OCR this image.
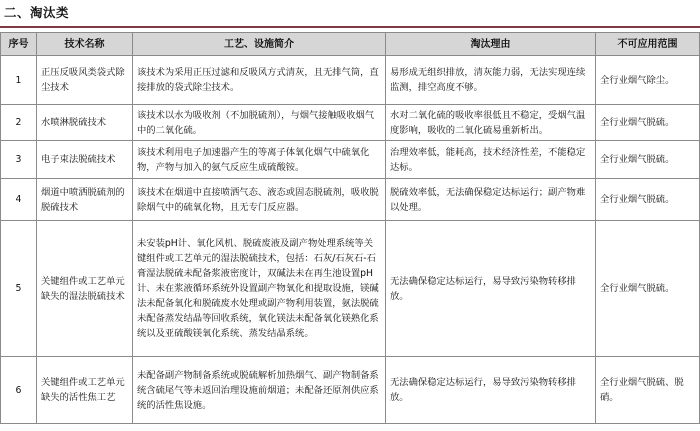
二、淘汰类
序号	技术名称	工艺、设施简介	淘汰理由	不可应用范围
1	正压反吸风类袋式除尘技术	该技术为采用正压过滤和反吸风方式清灰，且无排气筒，直接排放的袋式除尘技术。	易形成无组织排放，清灰能力弱，无法实现连续监测，排空高度不够。	全行业烟气除尘。
2	水喷淋脱硫技术	该技术以水为吸收剂（不加脱硫剂），与烟气接触吸收烟气中的二氧化硫。	水对二氧化硫的吸收率很低且不稳定，受烟气温度影响，吸收的二氧化硫易重新析出。	全行业烟气脱硫。
3	电子束法脱硫技术	该技术利用电子加速器产生的等离子体氧化烟气中硫氧化物，产物与加入的氨气反应生成硫酸铵。	治理效率低，能耗高，技术经济性差，不能稳定达标。	全行业烟气脱硫。
4	烟道中喷洒脱硫剂的脱硫技术	该技术在烟道中直接喷洒气态、液态或固态脱硫剂，吸收脱除烟气中的硫氧化物，且无专门反应器。	脱硫效率低，无法确保稳定达标运行；副产物难以处理。	全行业烟气脱硫。
5	关键组件或工艺单元缺失的湿法脱硫技术	未安装pH计、氧化风机、脱硫废液及副产物处理系统等关键组件或工艺单元的湿法脱硫技术，包括：石灰/石灰石-石膏湿法脱硫未配备浆液密度计，双碱法未在再生池设置pH计、未在浆液循环系统外设置副产物氧化和提取设施，镁碱法未配备氧化和脱硫废水处理或副产物利用装置，氨法脱硫未配备蒸发结晶等回收系统，氧化镁法未配备氧化镁熟化系统以及亚硫酸镁氧化系统、蒸发结晶系统。	无法确保稳定达标运行，易导致污染物转移排放。	全行业烟气脱硫。
6	关键组件或工艺单元缺失的活性焦工艺	未配备副产物制备系统或脱硫解析加热烟气、副产物制备系统含硫尾气等未返回治理设施前烟道；未配备还原剂供应系统的活性焦设施。	无法确保稳定达标运行，易导致污染物转移排放。	全行业烟气脱硫、脱硝。
